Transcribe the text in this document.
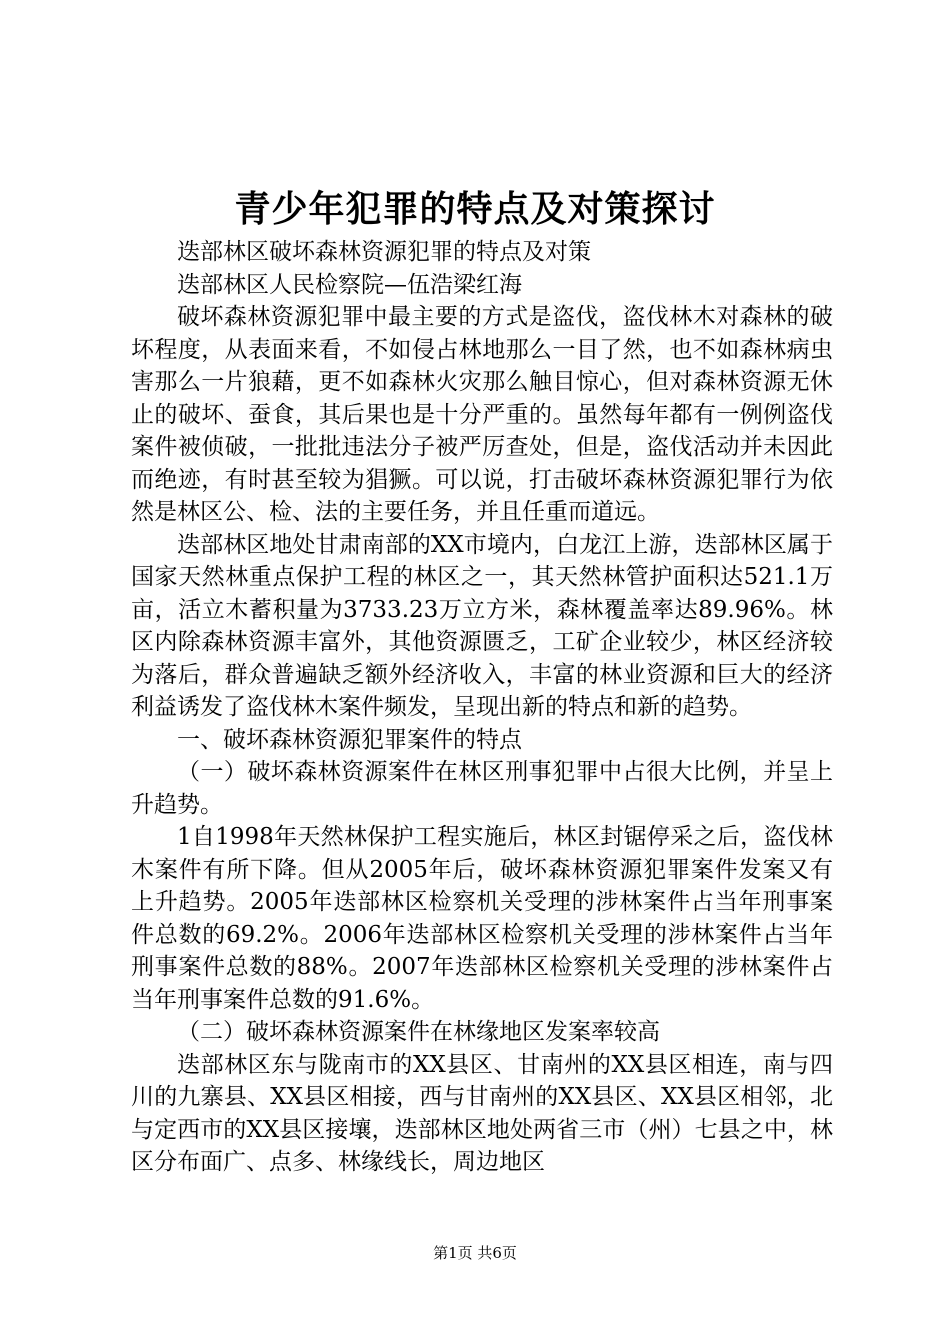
青少年犯罪的特点及对策探讨

迭部林区破坏森林资源犯罪的特点及对策

迭部林区人民检察院—伍浩梁红海

破坏森林资源犯罪中最主要的方式是盗伐，盗伐林木对森林的破坏程度，从表面来看，不如侵占林地那么一目了然，也不如森林病虫害那么一片狼藉，更不如森林火灾那么触目惊心，但对森林资源无休止的破坏、蚕食，其后果也是十分严重的。虽然每年都有一例例盗伐案件被侦破，一批批违法分子被严厉查处，但是，盗伐活动并未因此而绝迹，有时甚至较为猖獗。可以说，打击破坏森林资源犯罪行为依然是林区公、检、法的主要任务，并且任重而道远。

迭部林区地处甘肃南部的XX市境内，白龙江上游，迭部林区属于国家天然林重点保护工程的林区之一，其天然林管护面积达521.1万亩，活立木蓄积量为3733.23万立方米，森林覆盖率达89.96%。林区内除森林资源丰富外，其他资源匮乏，工矿企业较少，林区经济较为落后，群众普遍缺乏额外经济收入，丰富的林业资源和巨大的经济利益诱发了盗伐林木案件频发，呈现出新的特点和新的趋势。

一、破坏森林资源犯罪案件的特点

（一）破坏森林资源案件在林区刑事犯罪中占很大比例，并呈上升趋势。

1自1998年天然林保护工程实施后，林区封锯停采之后，盗伐林木案件有所下降。但从2005年后，破坏森林资源犯罪案件发案又有上升趋势。2005年迭部林区检察机关受理的涉林案件占当年刑事案件总数的69.2%。2006年迭部林区检察机关受理的涉林案件占当年刑事案件总数的88%。2007年迭部林区检察机关受理的涉林案件占当年刑事案件总数的91.6%。

（二）破坏森林资源案件在林缘地区发案率较高

迭部林区东与陇南市的XX县区、甘南州的XX县区相连，南与四川的九寨县、XX县区相接，西与甘南州的XX县区、XX县区相邻，北与定西市的XX县区接壤，迭部林区地处两省三市（州）七县之中，林区分布面广、点多、林缘线长，周边地区

第1页 共6页
